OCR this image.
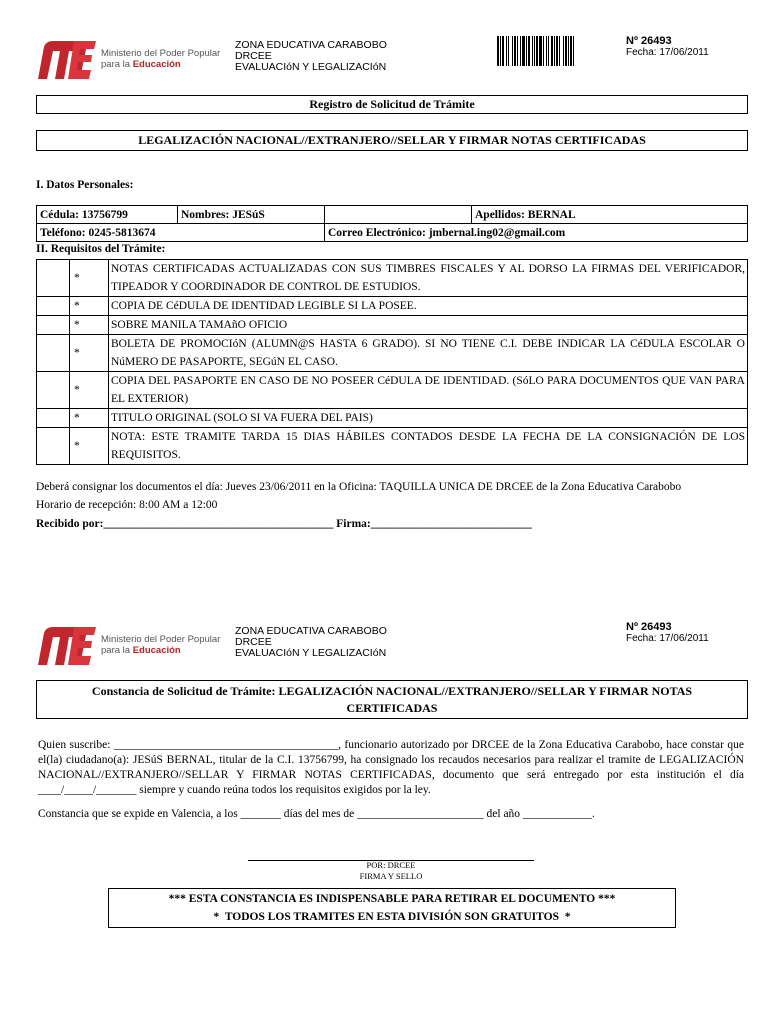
Ministerio del Poder Popular
para la Educación
ZONA EDUCATIVA CARABOBO
DRCEE
EVALUACIóN Y LEGALIZACIóN
Nº 26493
Fecha: 17/06/2011
Registro de Solicitud de Trámite
LEGALIZACIÓN NACIONAL//EXTRANJERO//SELLAR Y FIRMAR NOTAS CERTIFICADAS
I. Datos Personales:
Cédula: 13756799	Nombres: JESúS		Apellidos: BERNAL
Teléfono: 0245-5813674		Correo Electrónico: jmbernal.ing02@gmail.com	
II. Requisitos del Trámite:
	*	NOTAS CERTIFICADAS ACTUALIZADAS CON SUS TIMBRES FISCALES Y AL DORSO LA FIRMAS DEL VERIFICADOR, TIPEADOR Y COORDINADOR DE CONTROL DE ESTUDIOS.
	*	COPIA DE CéDULA DE IDENTIDAD LEGIBLE SI LA POSEE.
	*	SOBRE MANILA TAMAñO OFICIO
	*	BOLETA DE PROMOCIóN (ALUMN@S HASTA 6 GRADO). SI NO TIENE C.I. DEBE INDICAR LA CéDULA ESCOLAR O NúMERO DE PASAPORTE, SEGúN EL CASO.
	*	COPIA DEL PASAPORTE EN CASO DE NO POSEER CéDULA DE IDENTIDAD. (SóLO PARA DOCUMENTOS QUE VAN PARA EL EXTERIOR)
	*	TITULO ORIGINAL (SOLO SI VA FUERA DEL PAIS)
	*	NOTA: ESTE TRAMITE TARDA 15 DIAS HÁBILES CONTADOS DESDE LA FECHA DE LA CONSIGNACIÓN DE LOS REQUISITOS.
Deberá consignar los documentos el día: Jueves 23/06/2011 en la Oficina: TAQUILLA UNICA DE DRCEE de la Zona Educativa Carabobo
Horario de recepción: 8:00 AM a 12:00
Recibido por:________________________________________ Firma:____________________________
Ministerio del Poder Popular
para la Educación
ZONA EDUCATIVA CARABOBO
DRCEE
EVALUACIóN Y LEGALIZACIóN
Nº 26493
Fecha: 17/06/2011
Constancia de Solicitud de Trámite: LEGALIZACIÓN NACIONAL//EXTRANJERO//SELLAR Y FIRMAR NOTAS CERTIFICADAS
Quien suscribe: _______________________________________, funcionario autorizado por DRCEE de la Zona Educativa Carabobo, hace constar que el(la) ciudadano(a): JESúS BERNAL, titular de la C.I. 13756799, ha consignado los recaudos necesarios para realizar el tramite de LEGALIZACIÓN NACIONAL//EXTRANJERO//SELLAR Y FIRMAR NOTAS CERTIFICADAS, documento que será entregado por esta institución el día ____/_____/_______ siempre y cuando reúna todos los requisitos exigidos por la ley.
Constancia que se expide en Valencia, a los _______ días del mes de ______________________ del año ____________.
POR: DRCEE
FIRMA Y SELLO
*** ESTA CONSTANCIA ES INDISPENSABLE PARA RETIRAR EL DOCUMENTO ***
*  TODOS LOS TRAMITES EN ESTA DIVISIÓN SON GRATUITOS  *
